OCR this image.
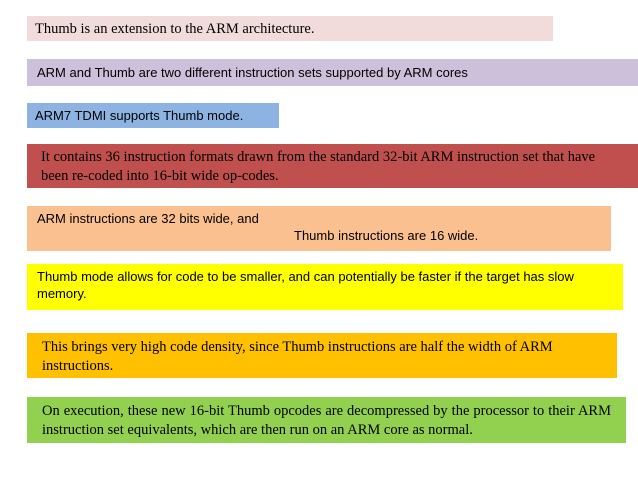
Thumb is an extension to the ARM architecture.
ARM and Thumb are two different instruction sets supported by ARM cores
ARM7 TDMI supports Thumb mode.
It contains 36 instruction formats drawn from the standard 32-bit ARM instruction set that have been re-coded into 16-bit wide op-codes.
ARM instructions are 32 bits wide, and
Thumb instructions are 16 wide.
Thumb mode allows for code to be smaller, and can potentially be faster if the target has slow memory.
This brings very high code density, since Thumb instructions are half the width of ARM instructions.
On execution, these new 16-bit Thumb opcodes are decompressed by the processor to their ARM instruction set equivalents, which are then run on an ARM core as normal.
